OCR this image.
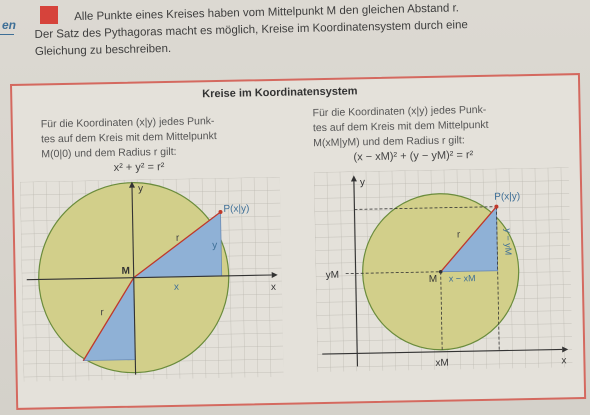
en
Alle Punkte eines Kreises haben vom Mittelpunkt M den gleichen Abstand r.
Der Satz des Pythagoras macht es möglich, Kreise im Koordinatensystem durch eine
Gleichung zu beschreiben.
Kreise im Koordinatensystem
Für die Koordinaten (x|y) jedes Punk-
tes auf dem Kreis mit dem Mittelpunkt
M(0|0) und dem Radius r gilt:
x² + y² = r²
Für die Koordinaten (x|y) jedes Punk-
tes auf dem Kreis mit dem Mittelpunkt
M(xM|yM) und dem Radius r gilt:
(x − xM)² + (y − yM)² = r²
y
x
P(x|y)
M
r
r
x
y
y
x
P(x|y)
M
r
x − xM
y − yM
yM
xM
